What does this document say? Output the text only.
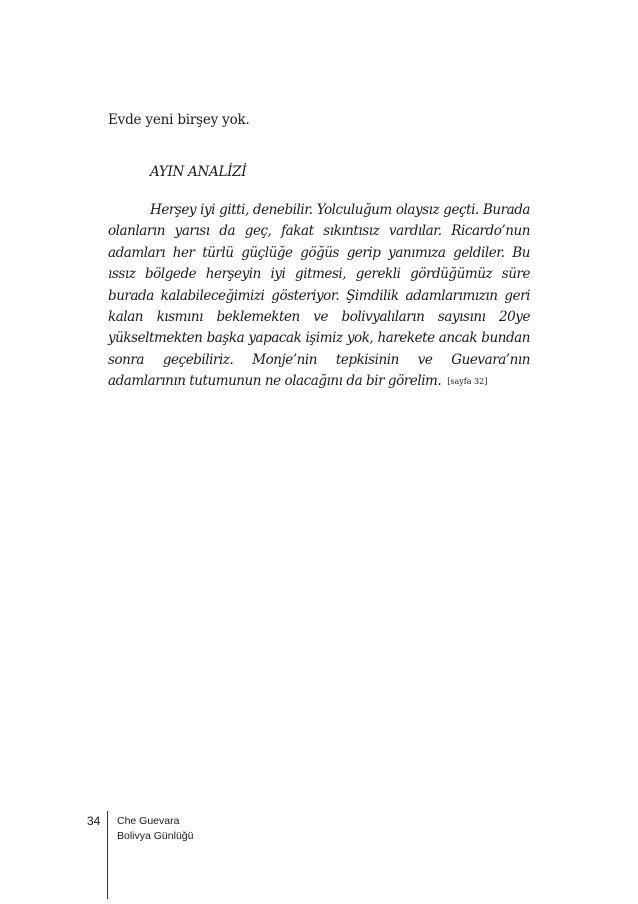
Evde yeni birşey yok.

AYIN ANALİZİ

Herşey iyi gitti, denebilir. Yolculuğum olaysız geçti. Burada olanların yarısı da geç, fakat sıkıntısız vardılar. Ricardo’nun adamları her türlü güçlüğe göğüs gerip yanımıza geldiler. Bu ıssız bölgede herşeyin iyi gitmesi, gerekli gördüğümüz süre burada kalabileceğimizi gösteriyor. Şimdilik adamlarımızın geri kalan kısmını beklemekten ve bolivyalıların sayısını 20ye yükseltmekten başka yapacak işimiz yok, harekete ancak bundan sonra geçebiliriz. Monje’nin tepkisinin ve Guevara’nın adamlarının tutumunun ne olacağını da bir görelim. [sayfa 32]

34 Che Guevara
Bolivya Günlüğü
